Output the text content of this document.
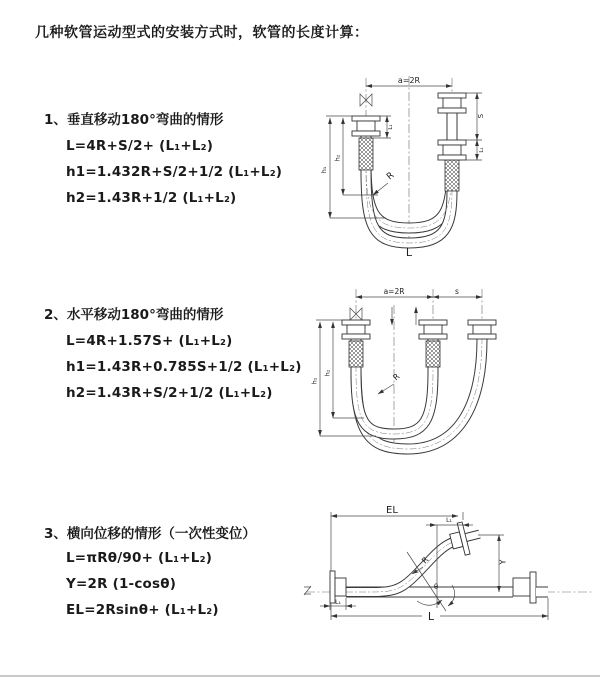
几种软管运动型式的安装方式时，软管的长度计算：
1、垂直移动180°弯曲的情形
L=4R+S/2+ (L₁+L₂)
h1=1.432R+S/2+1/2 (L₁+L₂)
h2=1.43R+1/2 (L₁+L₂)
2、水平移动180°弯曲的情形
L=4R+1.57S+ (L₁+L₂)
h1=1.43R+0.785S+1/2 (L₁+L₂)
h2=1.43R+S/2+1/2 (L₁+L₂)
3、横向位移的情形（一次性变位）
L=πRθ/90+ (L₁+L₂)
Y=2R (1-cosθ)
EL=2Rsinθ+ (L₁+L₂)
a=2R
h₁
h₂
L₁
S
L₁
R
L
a=2R	s
h₁
h₂	R
EL
L₁
Y
θ
R
L₁
L
